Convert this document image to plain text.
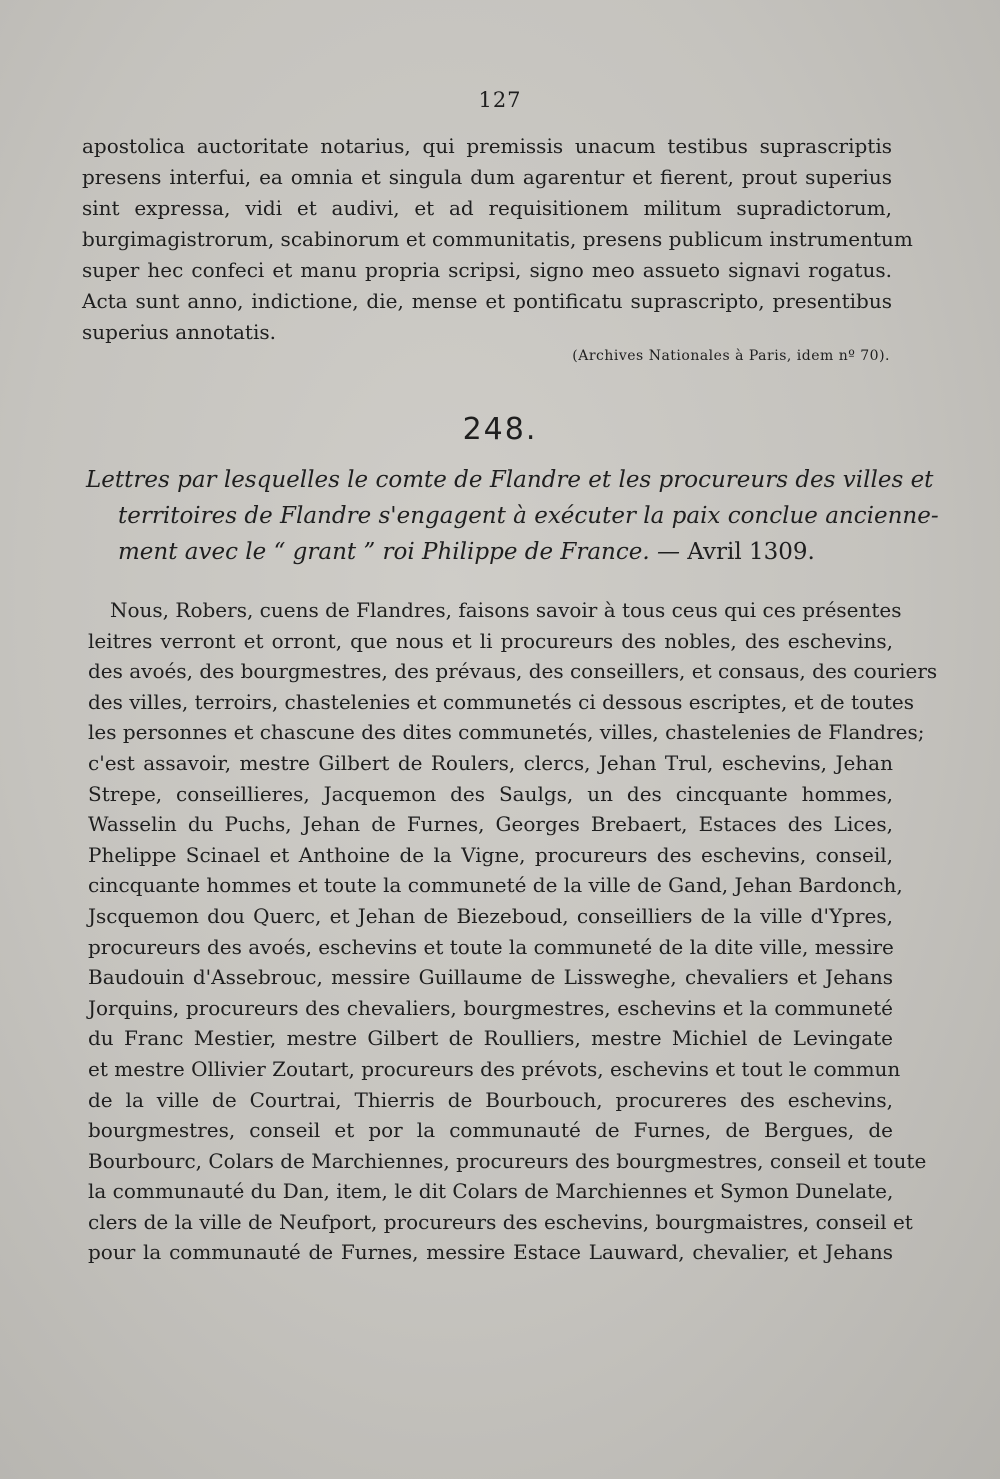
127
apostolica auctoritate notarius, qui premissis unacum testibus suprascriptis
presens interfui, ea omnia et singula dum agarentur et fierent, prout superius
sint expressa, vidi et audivi, et ad requisitionem militum supradictorum,
burgimagistrorum, scabinorum et communitatis, presens publicum instrumentum
super hec confeci et manu propria scripsi, signo meo assueto signavi rogatus.
Acta sunt anno, indictione, die, mense et pontificatu suprascripto, presentibus
superius annotatis.
(Archives Nationales à Paris, idem nº 70).
248.
Lettres par lesquelles le comte de Flandre et les procureurs des villes et
territoires de Flandre s'engagent à exécuter la paix conclue ancienne-
ment avec le “ grant ” roi Philippe de France. — Avril 1309.
Nous, Robers, cuens de Flandres, faisons savoir à tous ceus qui ces présentes
leitres verront et orront, que nous et li procureurs des nobles, des eschevins,
des avoés, des bourgmestres, des prévaus, des conseillers, et consaus, des couriers
des villes, terroirs, chastelenies et communetés ci dessous escriptes, et de toutes
les personnes et chascune des dites communetés, villes, chastelenies de Flandres;
c'est assavoir, mestre Gilbert de Roulers, clercs, Jehan Trul, eschevins, Jehan
Strepe, conseillieres, Jacquemon des Saulgs, un des cincquante hommes,
Wasselin du Puchs, Jehan de Furnes, Georges Brebaert, Estaces des Lices,
Phelippe Scinael et Anthoine de la Vigne, procureurs des eschevins, conseil,
cincquante hommes et toute la communeté de la ville de Gand, Jehan Bardonch,
Jscquemon dou Querc, et Jehan de Biezeboud, conseilliers de la ville d'Ypres,
procureurs des avoés, eschevins et toute la communeté de la dite ville, messire
Baudouin d'Assebrouc, messire Guillaume de Lissweghe, chevaliers et Jehans
Jorquins, procureurs des chevaliers, bourgmestres, eschevins et la communeté
du Franc Mestier, mestre Gilbert de Roulliers, mestre Michiel de Levingate
et mestre Ollivier Zoutart, procureurs des prévots, eschevins et tout le commun
de la ville de Courtrai, Thierris de Bourbouch, procureres des eschevins,
bourgmestres, conseil et por la communauté de Furnes, de Bergues, de
Bourbourc, Colars de Marchiennes, procureurs des bourgmestres, conseil et toute
la communauté du Dan, item, le dit Colars de Marchiennes et Symon Dunelate,
clers de la ville de Neufport, procureurs des eschevins, bourgmaistres, conseil et
pour la communauté de Furnes, messire Estace Lauward, chevalier, et Jehans
